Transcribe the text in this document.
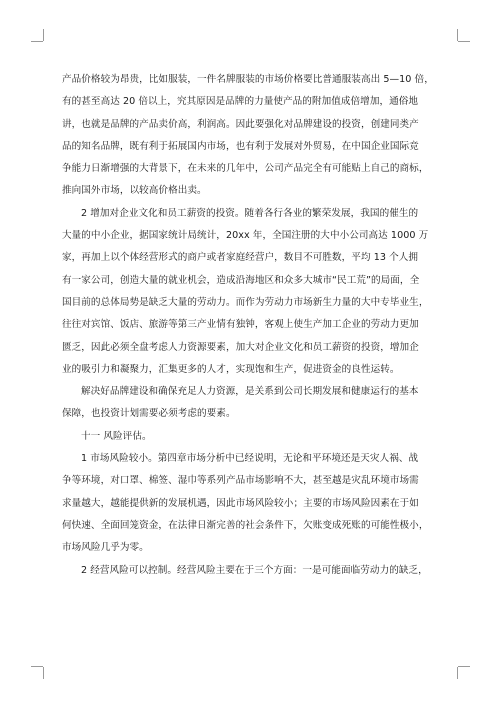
产品价格较为昂贵，比如服装，一件名牌服装的市场价格要比普通服装高出 5—10 倍，
有的甚至高达 20 倍以上，究其原因是品牌的力量使产品的附加值成倍增加，通俗地
讲，也就是品牌的产品卖价高，利润高。因此要强化对品牌建设的投资，创建同类产
品的知名品牌，既有利于拓展国内市场，也有利于发展对外贸易，在中国企业国际竞
争能力日渐增强的大背景下，在未来的几年中，公司产品完全有可能贴上自己的商标，
推向国外市场，以较高价格出卖。
2 增加对企业文化和员工薪资的投资。随着各行各业的繁荣发展，我国的催生的
大量的中小企业，据国家统计局统计，20xx 年，全国注册的大中小公司高达 1000 万
家，再加上以个体经营形式的商户或者家庭经营户，数目不可胜数，平均 13 个人拥
有一家公司，创造大量的就业机会，造成沿海地区和众多大城市“民工荒”的局面，全
国目前的总体局势是缺乏大量的劳动力。而作为劳动力市场新生力量的大中专毕业生，
往往对宾馆、饭店、旅游等第三产业情有独钟，客观上使生产加工企业的劳动力更加
匮乏，因此必须全盘考虑人力资源要素，加大对企业文化和员工薪资的投资，增加企
业的吸引力和凝聚力，汇集更多的人才，实现饱和生产，促进资金的良性运转。
解决好品牌建设和确保充足人力资源，是关系到公司长期发展和健康运行的基本
保障，也投资计划需要必须考虑的要素。
十一 风险评估。
1 市场风险较小。第四章市场分析中已经说明，无论和平环境还是天灾人祸、战
争等环境，对口罩、棉签、湿巾等系列产品市场影响不大，甚至越是灾乱环境市场需
求量越大，越能提供新的发展机遇，因此市场风险较小；主要的市场风险因素在于如
何快速、全面回笼资金，在法律日渐完善的社会条件下，欠账变成死账的可能性极小，
市场风险几乎为零。
2 经营风险可以控制。经营风险主要在于三个方面：一是可能面临劳动力的缺乏，
